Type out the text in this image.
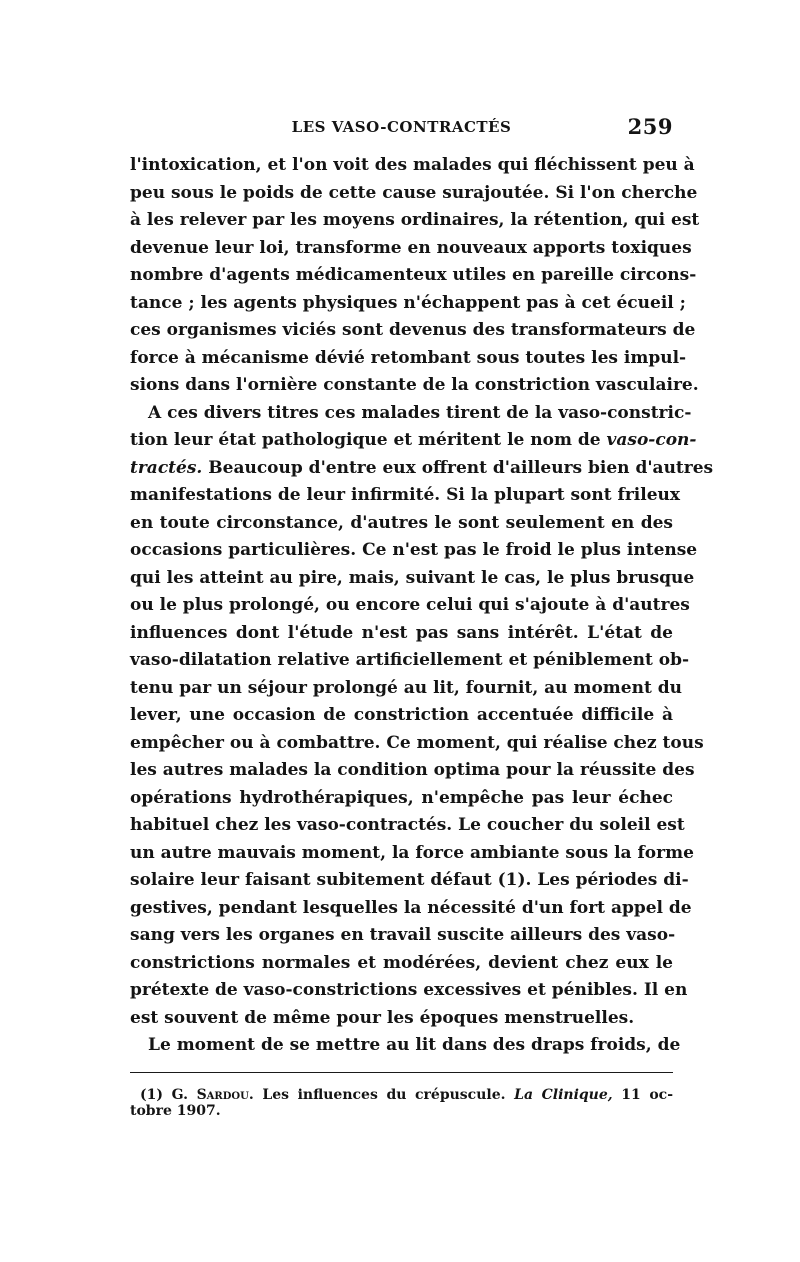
LES VASO-CONTRACTÉS	259
l'intoxication, et l'on voit des malades qui fléchissent peu à
peu sous le poids de cette cause surajoutée. Si l'on cherche
à les relever par les moyens ordinaires, la rétention, qui est
devenue leur loi, transforme en nouveaux apports toxiques
nombre d'agents médicamenteux utiles en pareille circons-
tance ; les agents physiques n'échappent pas à cet écueil ;
ces organismes viciés sont devenus des transformateurs de
force à mécanisme dévié retombant sous toutes les impul-
sions dans l'ornière constante de la constriction vasculaire.
A ces divers titres ces malades tirent de la vaso-constric-
tion leur état pathologique et méritent le nom de vaso-con-
tractés. Beaucoup d'entre eux offrent d'ailleurs bien d'autres
manifestations de leur infirmité. Si la plupart sont frileux
en toute circonstance, d'autres le sont seulement en des
occasions particulières. Ce n'est pas le froid le plus intense
qui les atteint au pire, mais, suivant le cas, le plus brusque
ou le plus prolongé, ou encore celui qui s'ajoute à d'autres
influences dont l'étude n'est pas sans intérêt. L'état de
vaso-dilatation relative artificiellement et péniblement ob-
tenu par un séjour prolongé au lit, fournit, au moment du
lever, une occasion de constriction accentuée difficile à
empêcher ou à combattre. Ce moment, qui réalise chez tous
les autres malades la condition optima pour la réussite des
opérations hydrothérapiques, n'empêche pas leur échec
habituel chez les vaso-contractés. Le coucher du soleil est
un autre mauvais moment, la force ambiante sous la forme
solaire leur faisant subitement défaut (1). Les périodes di-
gestives, pendant lesquelles la nécessité d'un fort appel de
sang vers les organes en travail suscite ailleurs des vaso-
constrictions normales et modérées, devient chez eux le
prétexte de vaso-constrictions excessives et pénibles. Il en
est souvent de même pour les époques menstruelles.
Le moment de se mettre au lit dans des draps froids, de
(1) G. Sardou. Les influences du crépuscule. La Clinique, 11 oc-
tobre 1907.
